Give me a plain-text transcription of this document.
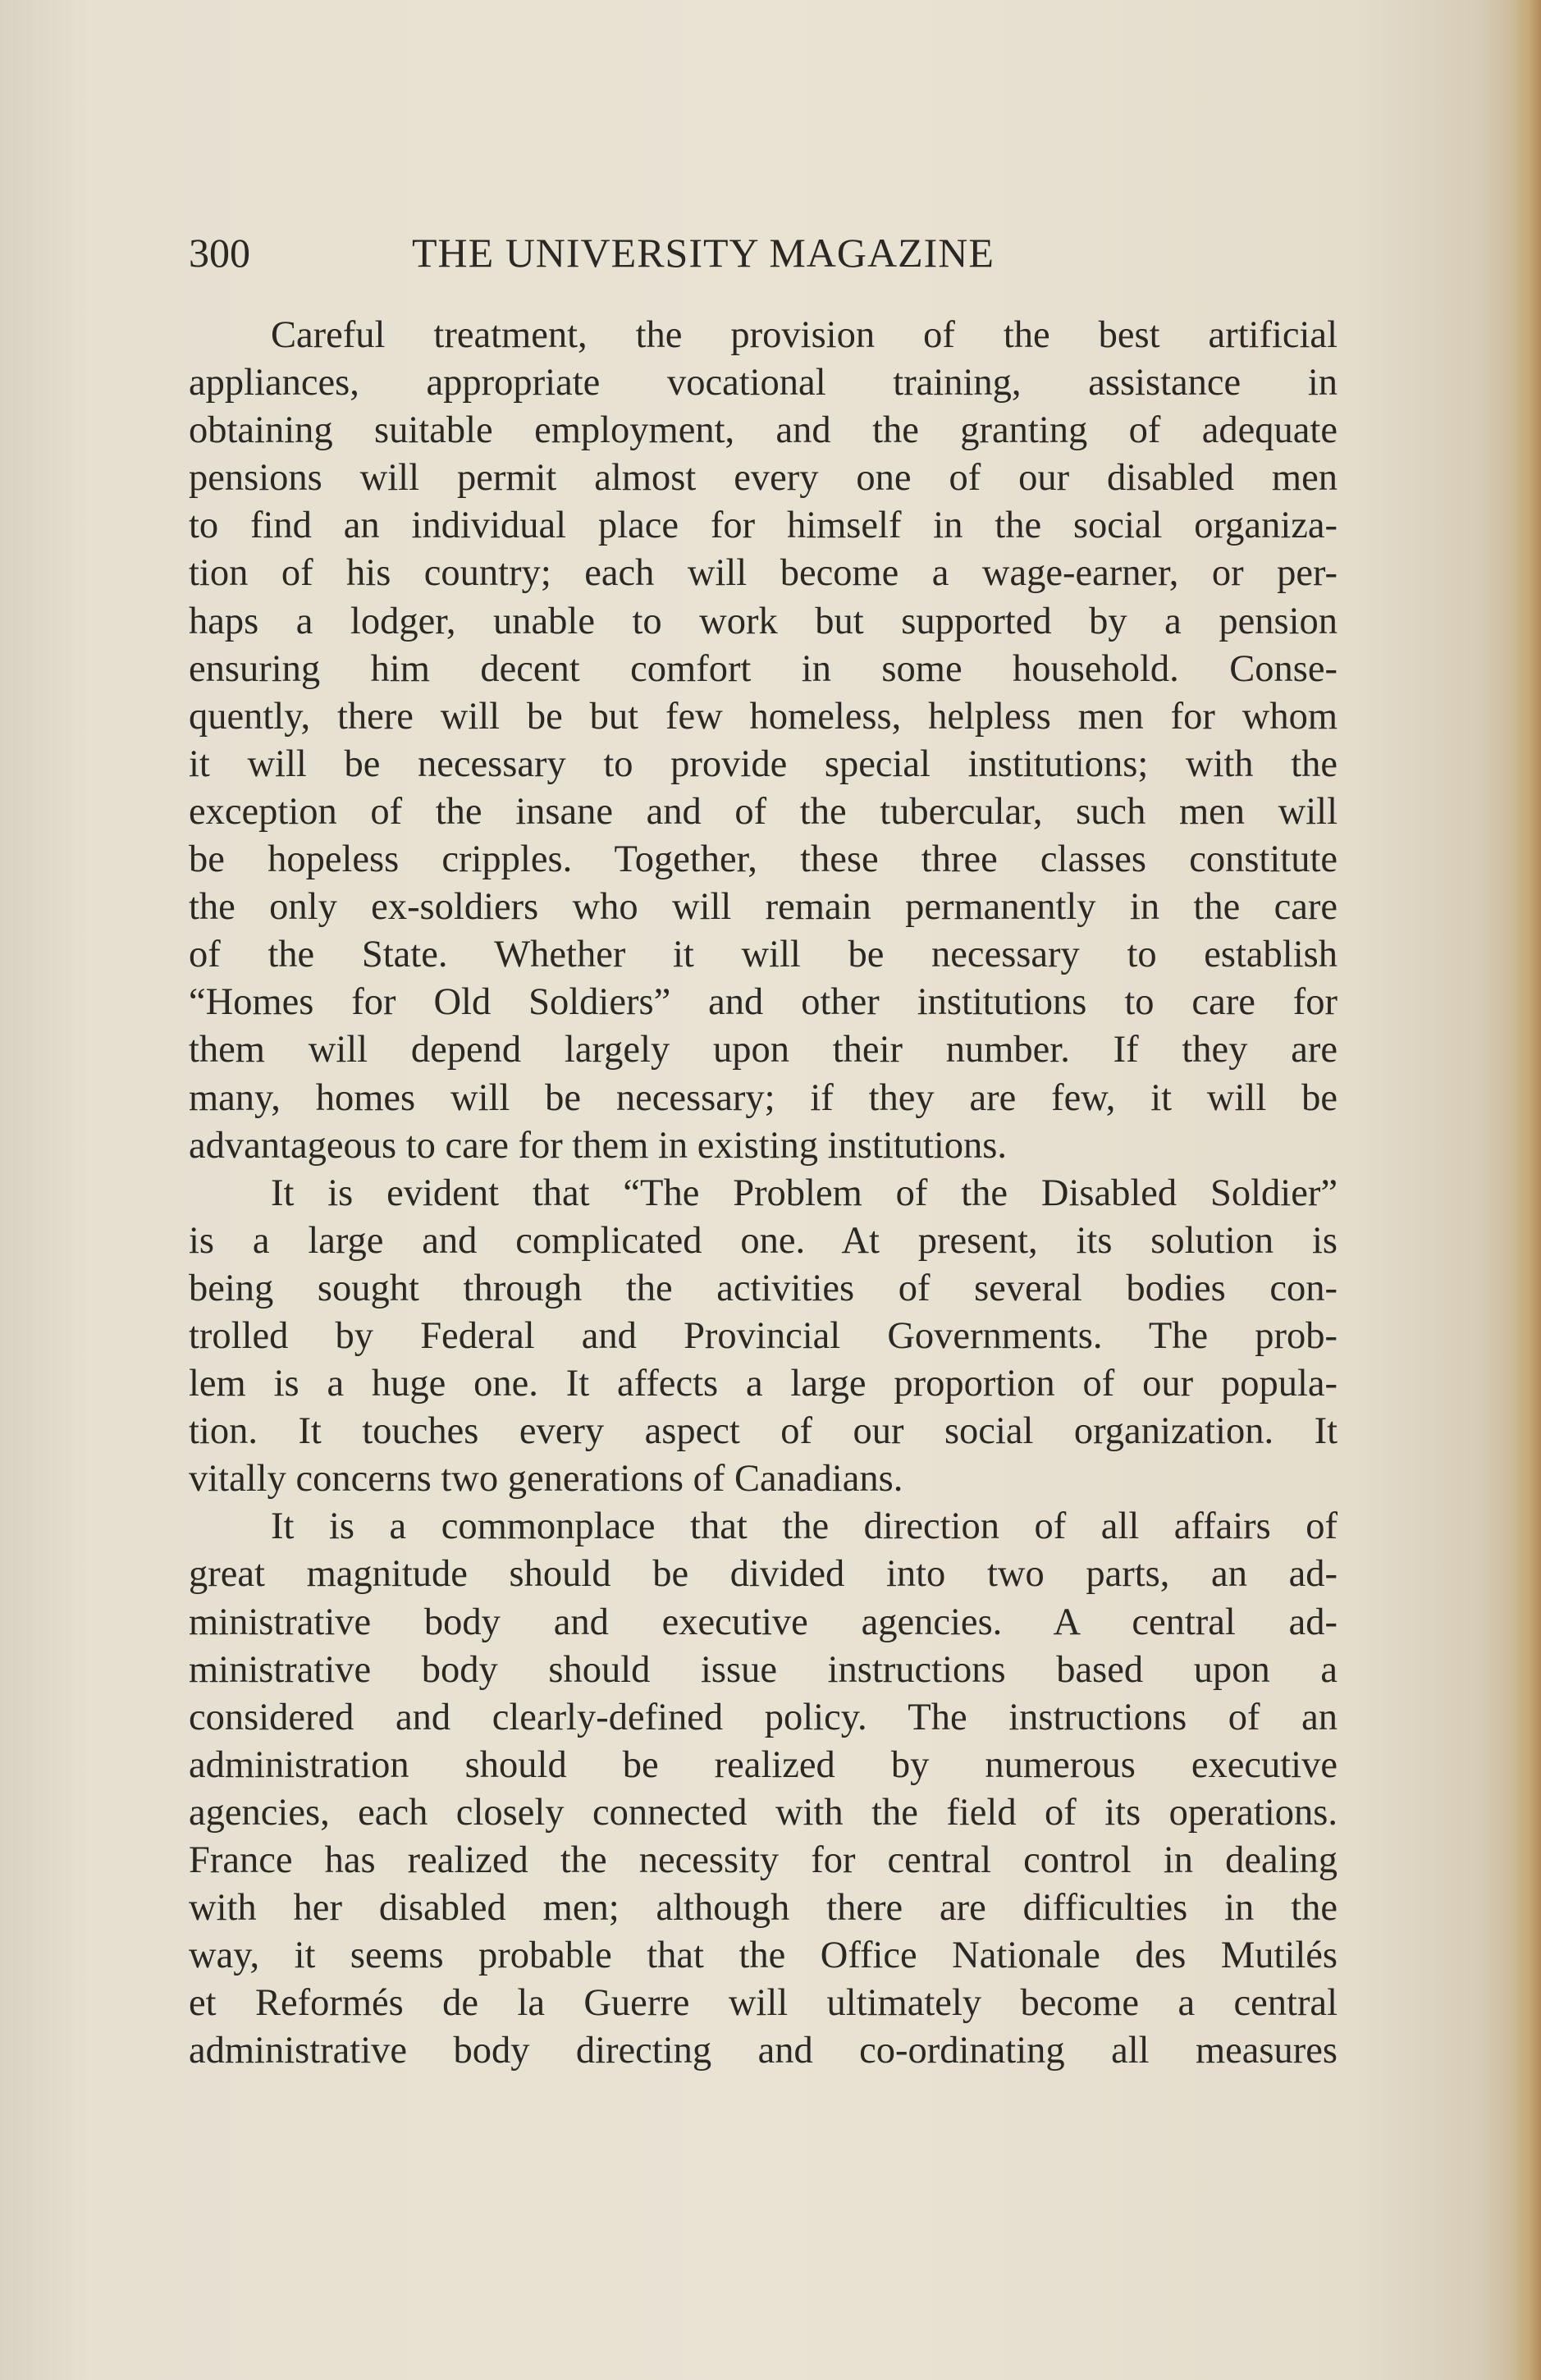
300	THE UNIVERSITY MAGAZINE
Careful treatment, the provision of the best artificial
appliances, appropriate vocational training, assistance in
obtaining suitable employment, and the granting of adequate
pensions will permit almost every one of our disabled men
to find an individual place for himself in the social organiza-
tion of his country; each will become a wage-earner, or per-
haps a lodger, unable to work but supported by a pension
ensuring him decent comfort in some household. Conse-
quently, there will be but few homeless, helpless men for whom
it will be necessary to provide special institutions; with the
exception of the insane and of the tubercular, such men will
be hopeless cripples. Together, these three classes constitute
the only ex-soldiers who will remain permanently in the care
of the State. Whether it will be necessary to establish
“Homes for Old Soldiers” and other institutions to care for
them will depend largely upon their number. If they are
many, homes will be necessary; if they are few, it will be
advantageous to care for them in existing institutions.
It is evident that “The Problem of the Disabled Soldier”
is a large and complicated one. At present, its solution is
being sought through the activities of several bodies con-
trolled by Federal and Provincial Governments. The prob-
lem is a huge one. It affects a large proportion of our popula-
tion. It touches every aspect of our social organization. It
vitally concerns two generations of Canadians.
It is a commonplace that the direction of all affairs of
great magnitude should be divided into two parts, an ad-
ministrative body and executive agencies. A central ad-
ministrative body should issue instructions based upon a
considered and clearly-defined policy. The instructions of an
administration should be realized by numerous executive
agencies, each closely connected with the field of its operations.
France has realized the necessity for central control in dealing
with her disabled men; although there are difficulties in the
way, it seems probable that the Office Nationale des Mutilés
et Reformés de la Guerre will ultimately become a central
administrative body directing and co-ordinating all measures
